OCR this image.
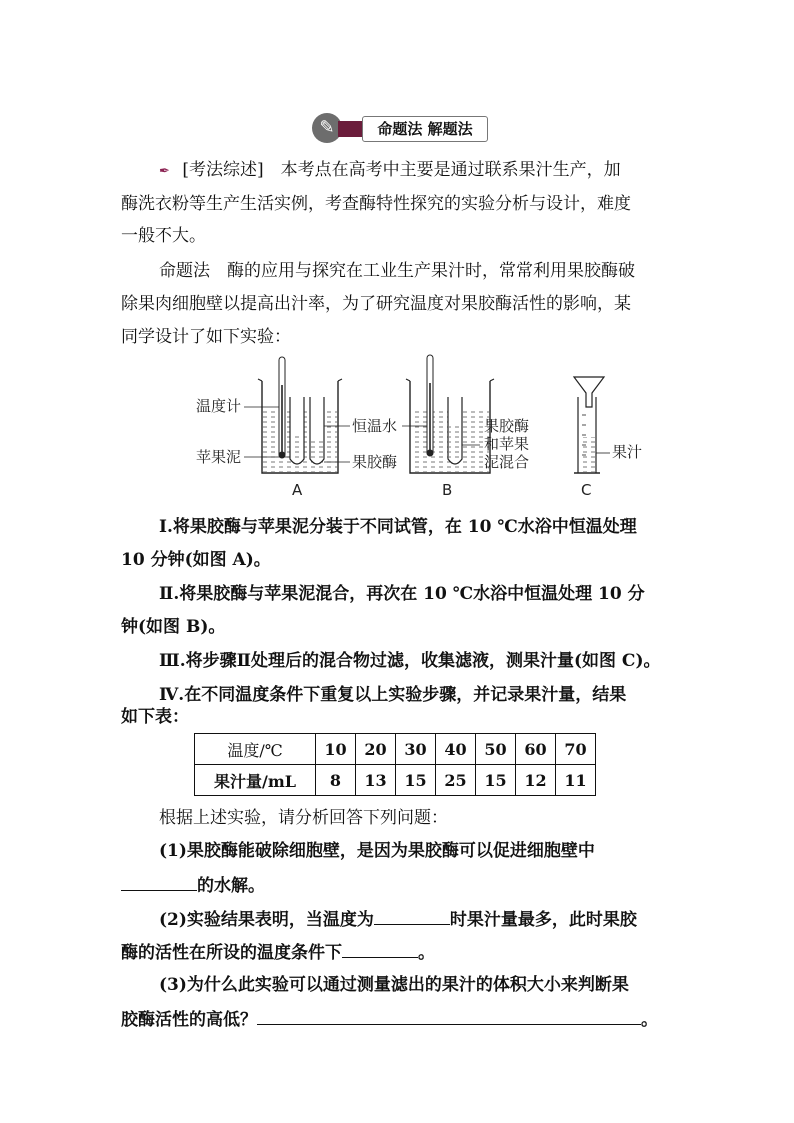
✎
	命题法 解题法
✒ [考法综述]　本考点在高考中主要是通过联系果汁生产，加
酶洗衣粉等生产生活实例，考查酶特性探究的实验分析与设计，难度
一般不大。
命题法　酶的应用与探究在工业生产果汁时，常常利用果胶酶破
除果肉细胞壁以提高出汁率，为了研究温度对果胶酶活性的影响，某
同学设计了如下实验：
Ⅰ.将果胶酶与苹果泥分装于不同试管，在 10 ℃水浴中恒温处理
10 分钟(如图 A)。
Ⅱ.将果胶酶与苹果泥混合，再次在 10 ℃水浴中恒温处理 10 分
钟(如图 B)。
Ⅲ.将步骤Ⅱ处理后的混合物过滤，收集滤液，测果汁量(如图 C)。
Ⅳ.在不同温度条件下重复以上实验步骤，并记录果汁量，结果
如下表：
根据上述实验，请分析回答下列问题：
(1)果胶酶能破除细胞壁，是因为果胶酶可以促进细胞壁中
的水解。
(2)实验结果表明，当温度为	时果汁量最多，此时果胶
酶的活性在所设的温度条件下	。
(3)为什么此实验可以通过测量滤出的果汁的体积大小来判断果
胶酶活性的高低？	。
温度计
苹果泥
恒温水
果胶酶
果胶酶
和苹果
泥混合
果汁
A	B	C
温度/℃	10	20	30	40	50	60	70
果汁量/mL	8	13	15	25	15	12	11
